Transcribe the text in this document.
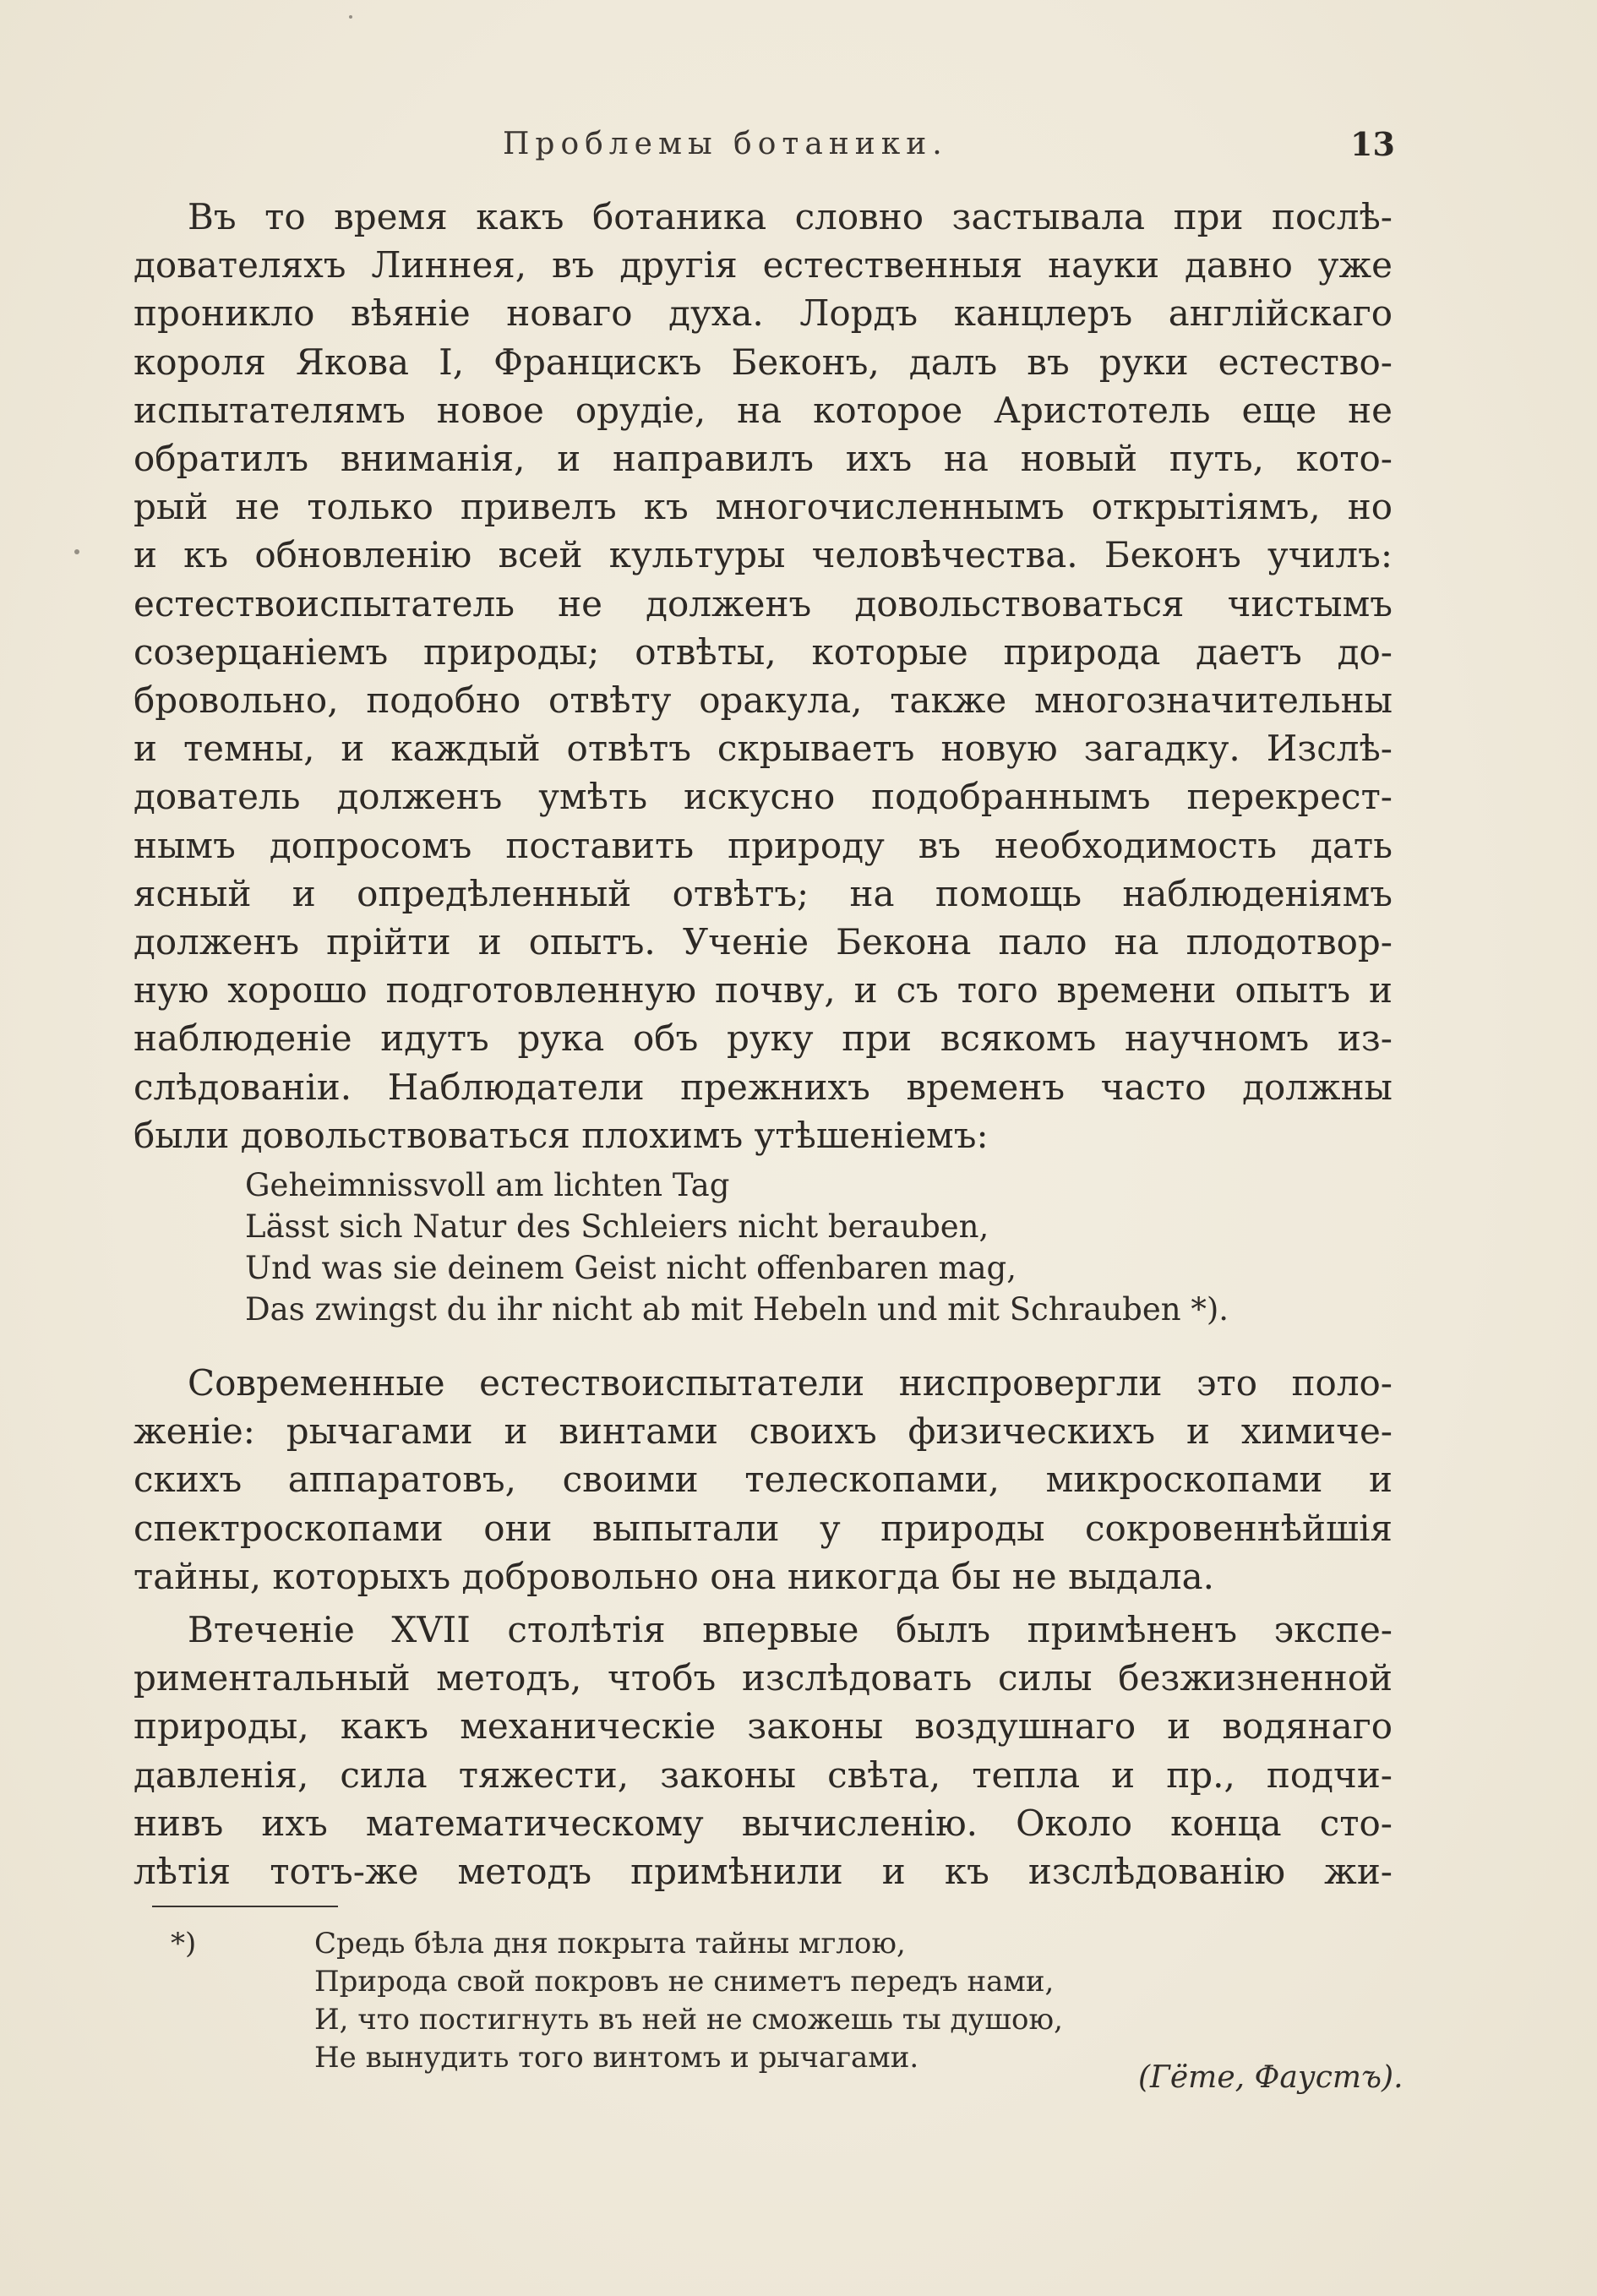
Проблемы ботаники.	13

Въ то время какъ ботаника словно застывала при послѣ-
дователяхъ Линнея, въ другія естественныя науки давно уже
проникло вѣяніе новаго духа. Лордъ канцлеръ англійскаго
короля Якова I, Францискъ Беконъ, далъ въ руки естество-
испытателямъ новое орудіе, на которое Аристотель еще не
обратилъ вниманія, и направилъ ихъ на новый путь, кото-
рый не только привелъ къ многочисленнымъ открытіямъ, но
и къ обновленію всей культуры человѣчества. Беконъ училъ:
естествоиспытатель не долженъ довольствоваться чистымъ
созерцаніемъ природы; отвѣты, которые природа даетъ до-
бровольно, подобно отвѣту оракула, также многозначительны
и темны, и каждый отвѣтъ скрываетъ новую загадку. Изслѣ-
дователь долженъ умѣть искусно подобраннымъ перекрест-
нымъ допросомъ поставить природу въ необходимость дать
ясный и опредѣленный отвѣтъ; на помощь наблюденіямъ
долженъ прійти и опытъ. Ученіе Бекона пало на плодотвор-
ную хорошо подготовленную почву, и съ того времени опытъ и
наблюденіе идутъ рука объ руку при всякомъ научномъ из-
слѣдованіи. Наблюдатели прежнихъ временъ часто должны
были довольствоваться плохимъ утѣшеніемъ:

Geheimnissvoll am lichten Tag
Lässt sich Natur des Schleiers nicht berauben,
Und was sie deinem Geist nicht offenbaren mag,
Das zwingst du ihr nicht ab mit Hebeln und mit Schrauben *).

Современные естествоиспытатели ниспровергли это поло-
женіе: рычагами и винтами своихъ физическихъ и химиче-
скихъ аппаратовъ, своими телескопами, микроскопами и
спектроскопами они выпытали у природы сокровеннѣйшія
тайны, которыхъ добровольно она никогда бы не выдала.

Втеченіе XVII столѣтія впервые былъ примѣненъ экспе-
риментальный методъ, чтобъ изслѣдовать силы безжизненной
природы, какъ механическіе законы воздушнаго и водянаго
давленія, сила тяжести, законы свѣта, тепла и пр., подчи-
нивъ ихъ математическому вычисленію. Около конца сто-
лѣтія тотъ-же методъ примѣнили и къ изслѣдованію жи-

*)	Средь бѣла дня покрыта тайны мглою,
Природа свой покровъ не сниметъ передъ нами,
И, что постигнуть въ ней не сможешь ты душою,
Не вынудить того винтомъ и рычагами.
(Гёте, Фаустъ).
